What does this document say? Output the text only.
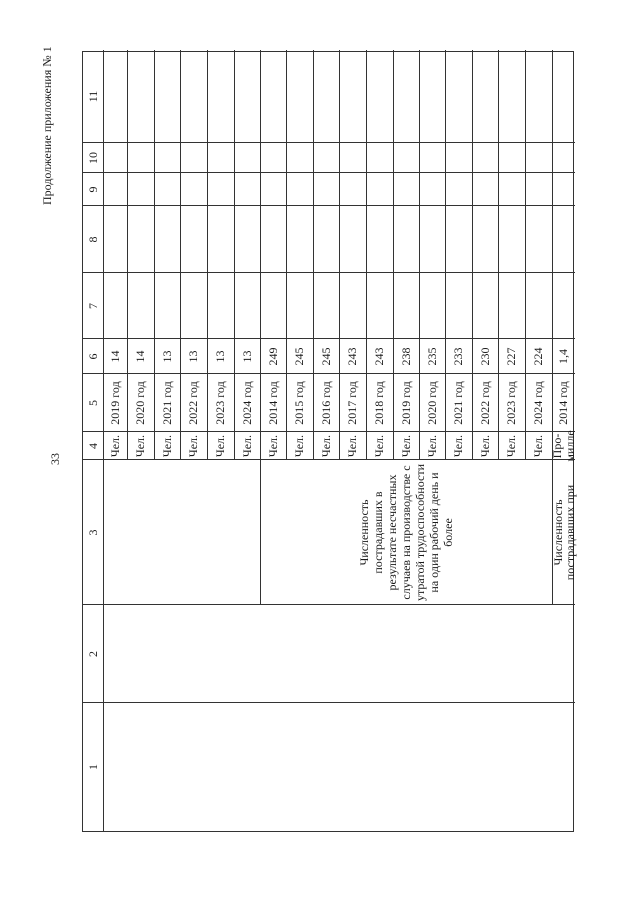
33
Продолжение приложения № 1
1
2
3
4
5
6
7
8
9
10
11
Чел.
2019 год
14
Чел.
2020 год
14
Чел.
2021 год
13
Чел.
2022 год
13
Чел.
2023 год
13
Чел.
2024 год
13
Чел.
2014 год
249
Чел.
2015 год
245
Чел.
2016 год
245
Чел.
2017 год
243
Чел.
2018 год
243
Чел.
2019 год
238
Чел.
2020 год
235
Чел.
2021 год
233
Чел.
2022 год
230
Чел.
2023 год
227
Чел.
2024 год
224
Про-милле
2014 год
1,4
Численность пострадавших в результате несчастных случаев на производстве с утратой трудоспособности на один рабочий день и более	Численность пострадавших при
